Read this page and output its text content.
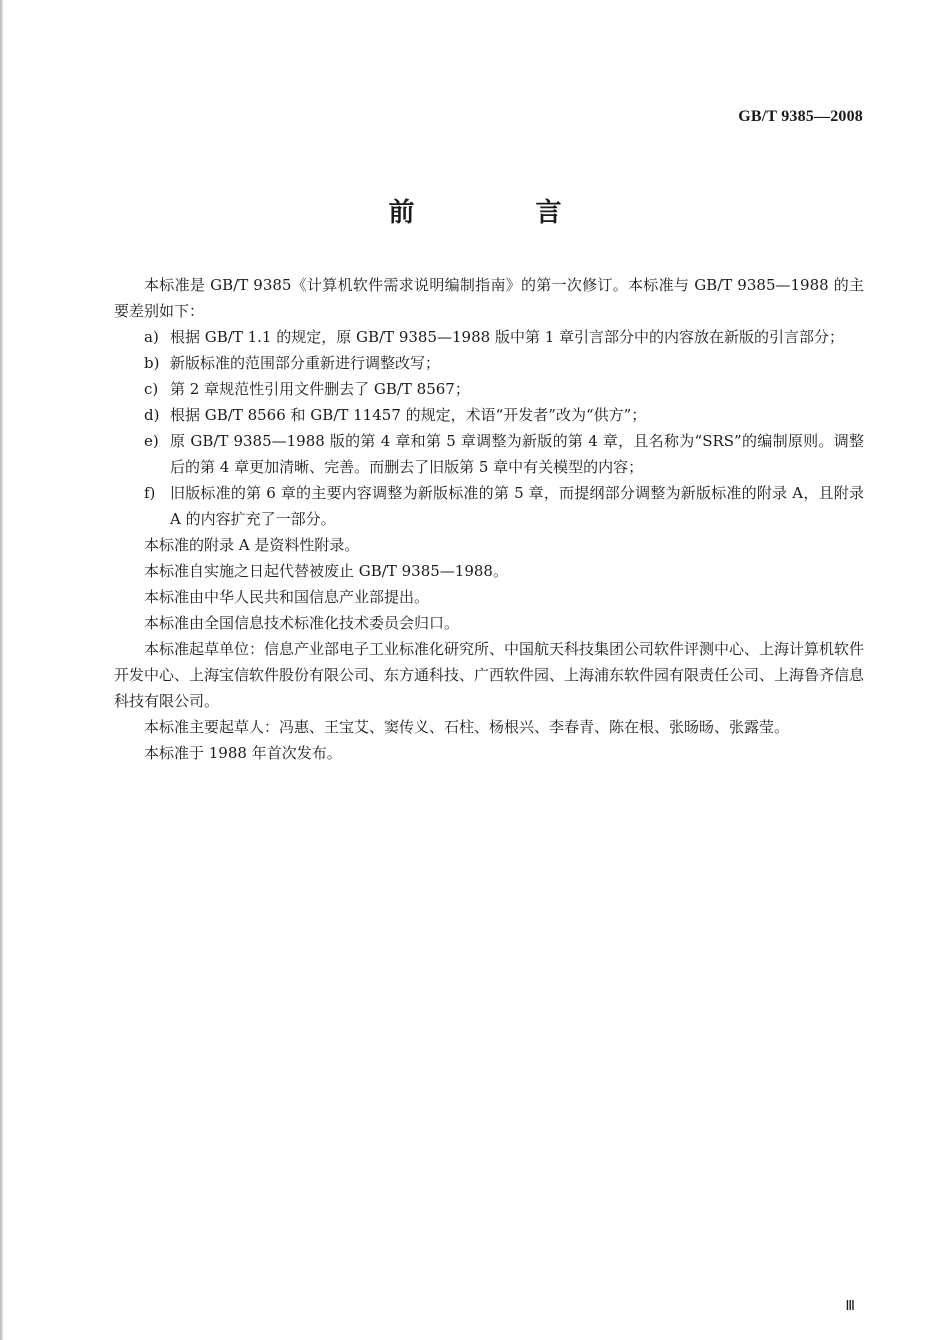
GB/T 9385—2008
前 言

本标准是 GB/T 9385《计算机软件需求说明编制指南》的第一次修订。本标准与 GB/T 9385—1988 的主要差别如下：

a) 根据 GB/T 1.1 的规定，原 GB/T 9385—1988 版中第 1 章引言部分中的内容放在新版的引言部分；
b) 新版标准的范围部分重新进行调整改写；
c) 第 2 章规范性引用文件删去了 GB/T 8567；
d) 根据 GB/T 8566 和 GB/T 11457 的规定，术语“开发者”改为“供方”；
e) 原 GB/T 9385—1988 版的第 4 章和第 5 章调整为新版的第 4 章，且名称为“SRS”的编制原则。调整后的第 4 章更加清晰、完善。而删去了旧版第 5 章中有关模型的内容；
f) 旧版标准的第 6 章的主要内容调整为新版标准的第 5 章，而提纲部分调整为新版标准的附录 A，且附录 A 的内容扩充了一部分。

本标准的附录 A 是资料性附录。

本标准自实施之日起代替被废止 GB/T 9385—1988。

本标准由中华人民共和国信息产业部提出。

本标准由全国信息技术标准化技术委员会归口。

本标准起草单位：信息产业部电子工业标准化研究所、中国航天科技集团公司软件评测中心、上海计算机软件开发中心、上海宝信软件股份有限公司、东方通科技、广西软件园、上海浦东软件园有限责任公司、上海鲁齐信息科技有限公司。

本标准主要起草人：冯惠、王宝艾、窦传义、石柱、杨根兴、李春青、陈在根、张旸旸、张露莹。

本标准于 1988 年首次发布。

Ⅲ
